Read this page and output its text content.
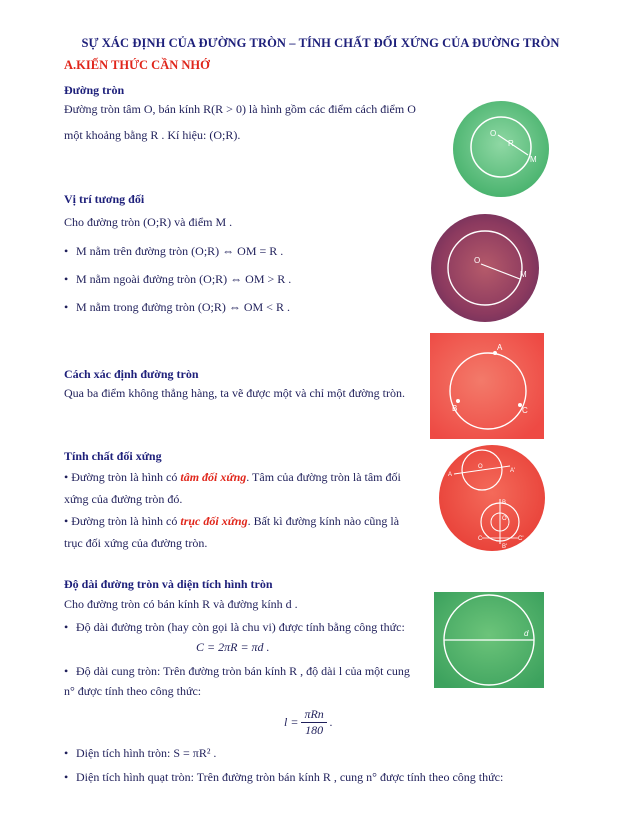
SỰ XÁC ĐỊNH CỦA ĐƯỜNG TRÒN – TÍNH CHẤT ĐỐI XỨNG CỦA ĐƯỜNG TRÒN
A.KIẾN THỨC CẦN NHỚ
Đường tròn
Đường tròn tâm O, bán kính R(R > 0) là hình gồm các điểm cách điểm O
một khoảng bằng R . Kí hiệu: (O;R).	O
R
M
Vị trí tương đối
Cho đường tròn (O;R) và điểm M .
• M nằm trên đường tròn (O;R) ⇔ OM = R .
• M nằm ngoài đường tròn (O;R) ⇔ OM > R .
• M nằm trong đường tròn (O;R) ⇔ OM < R .
O
M
Cách xác định đường tròn
Qua ba điểm không thẳng hàng, ta vẽ được một và chỉ một đường tròn.
A
B	C
Tính chất đối xứng
• Đường tròn là hình có tâm đối xứng. Tâm của đường tròn là tâm đối
xứng của đường tròn đó.
• Đường tròn là hình có trục đối xứng. Bất kì đường kính nào cũng là
trục đối xứng của đường tròn.
A
O
A'
B
O
B'
C	C'
Độ dài đường tròn và diện tích hình tròn
Cho đường tròn có bán kính R và đường kính d .
• Độ dài đường tròn (hay còn gọi là chu vi) được tính bằng công thức:
C = 2πR = πd .
• Độ dài cung tròn: Trên đường tròn bán kính R , độ dài l của một cung
n° được tính theo công thức:
$l = \frac{\text{πRn}}{180}$ .
• Diện tích hình tròn: S = πR² .
• Diện tích hình quạt tròn: Trên đường tròn bán kính R , cung n° được tính theo công thức:
d
